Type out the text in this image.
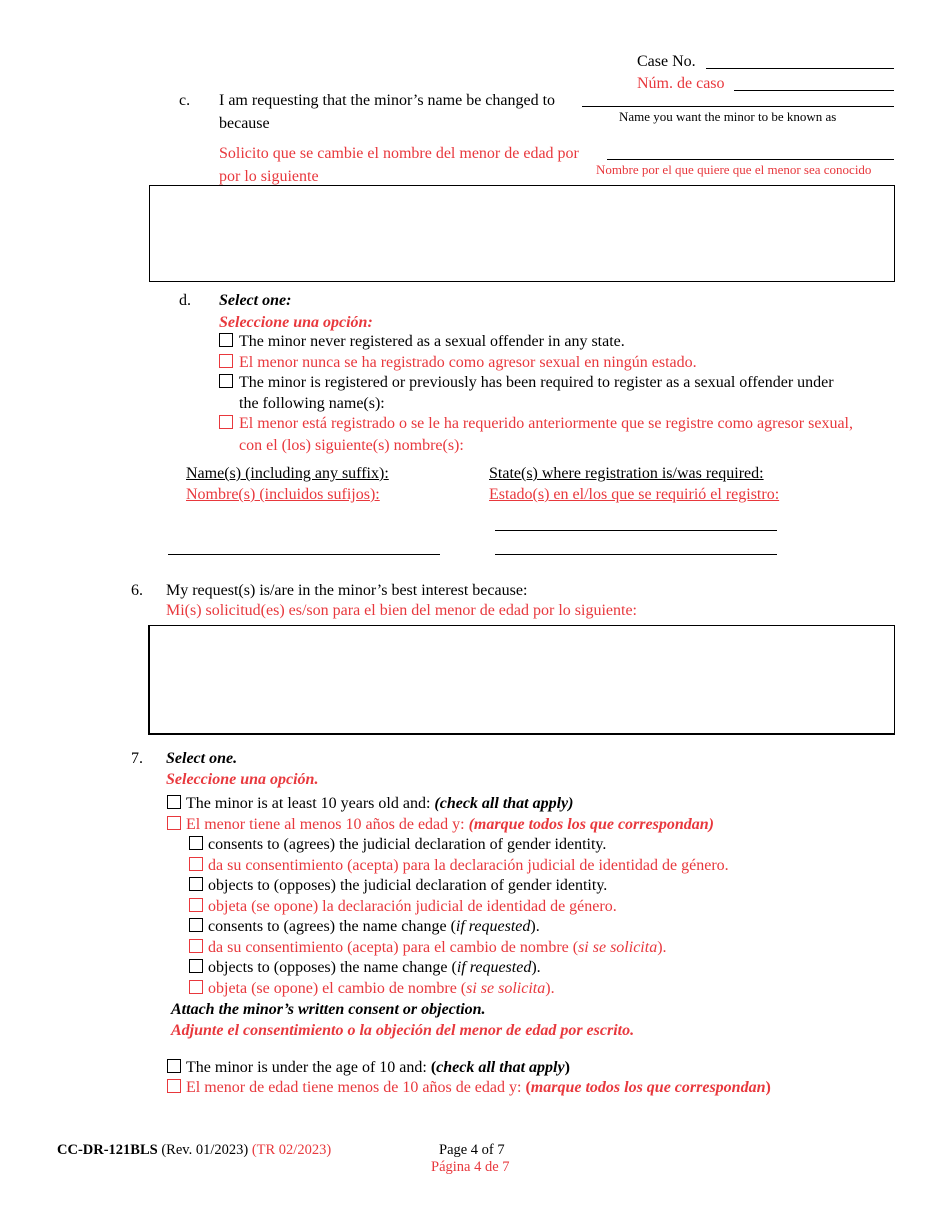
Case No.
Núm. de caso
c. I am requesting that the minor’s name be changed to
Name you want the minor to be known as
because
Solicito que se cambie el nombre del menor de edad por
Nombre por el que quiere que el menor sea conocido
por lo siguiente
d. Select one:
Seleccione una opción:
The minor never registered as a sexual offender in any state.
El menor nunca se ha registrado como agresor sexual en ningún estado.
The minor is registered or previously has been required to register as a sexual offender under
the following name(s):
El menor está registrado o se le ha requerido anteriormente que se registre como agresor sexual,
con el (los) siguiente(s) nombre(s):
Name(s) (including any suffix):
Nombre(s) (incluidos sufijos):
State(s) where registration is/was required:
Estado(s) en el/los que se requirió el registro:
6. My request(s) is/are in the minor’s best interest because:
Mi(s) solicitud(es) es/son para el bien del menor de edad por lo siguiente:
7. Select one.
Seleccione una opción.
The minor is at least 10 years old and: (check all that apply)
El menor tiene al menos 10 años de edad y: (marque todos los que correspondan)
consents to (agrees) the judicial declaration of gender identity.
da su consentimiento (acepta) para la declaración judicial de identidad de género.
objects to (opposes) the judicial declaration of gender identity.
objeta (se opone) la declaración judicial de identidad de género.
consents to (agrees) the name change (if requested).
da su consentimiento (acepta) para el cambio de nombre (si se solicita).
objects to (opposes) the name change (if requested).
objeta (se opone) el cambio de nombre (si se solicita).
Attach the minor’s written consent or objection.
Adjunte el consentimiento o la objeción del menor de edad por escrito.
The minor is under the age of 10 and: (check all that apply)
El menor de edad tiene menos de 10 años de edad y: (marque todos los que correspondan)
CC-DR-121BLS (Rev. 01/2023) (TR 02/2023)	Page 4 of 7
Página 4 de 7
